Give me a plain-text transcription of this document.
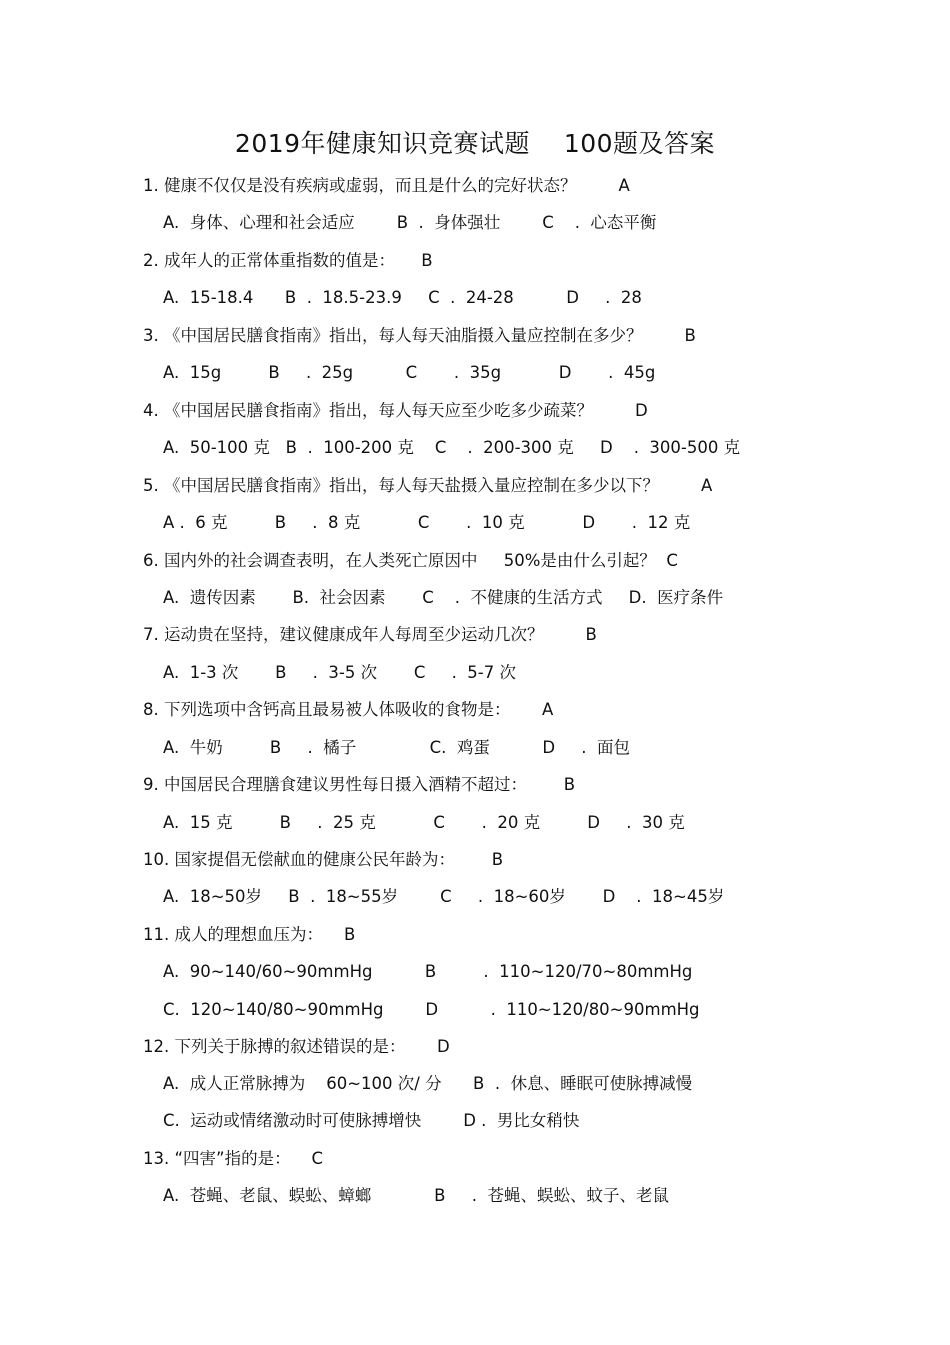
2019年健康知识竞赛试题    100题及答案
1. 健康不仅仅是没有疾病或虚弱，而且是什么的完好状态？        A
A.  身体、心理和社会适应        B  .  身体强壮        C    .  心态平衡
2. 成年人的正常体重指数的值是：     B
A.  15-18.4      B  .  18.5-23.9     C  .  24-28          D     .  28
3. 《中国居民膳食指南》指出，每人每天油脂摄入量应控制在多少？        B
A.  15g         B     .  25g          C       .  35g           D       .  45g
4. 《中国居民膳食指南》指出，每人每天应至少吃多少疏菜？        D
A.  50-100 克   B  .  100-200 克    C    .  200-300 克     D    .  300-500 克
5. 《中国居民膳食指南》指出，每人每天盐摄入量应控制在多少以下？        A
A .  6 克         B     .  8 克           C       .  10 克           D       .  12 克
6. 国内外的社会调查表明，在人类死亡原因中     50%是由什么引起？  C
A.  遗传因素       B.  社会因素       C    .  不健康的生活方式     D.  医疗条件
7. 运动贵在坚持，建议健康成年人每周至少运动几次？        B
A.  1-3 次       B     .  3-5 次       C     .  5-7 次
8. 下列选项中含钙高且最易被人体吸收的食物是：      A
A.  牛奶         B     .  橘子              C.  鸡蛋          D     .  面包
9. 中国居民合理膳食建议男性每日摄入酒精不超过：       B
A.  15 克         B     .  25 克           C       .  20 克         D     .  30 克
10. 国家提倡无偿献血的健康公民年龄为：       B
A.  18~50岁     B  .  18~55岁        C     .  18~60岁       D    .  18~45岁
11. 成人的理想血压为：    B
A.  90~140/60~90mmHg          B         .  110~120/70~80mmHg
C.  120~140/80~90mmHg        D          .  110~120/80~90mmHg
12. 下列关于脉搏的叙述错误的是：      D
A.  成人正常脉搏为    60~100 次/ 分      B  .  休息、睡眠可使脉搏减慢
C.  运动或情绪激动时可使脉搏增快        D .  男比女稍快
13. “四害”指的是：    C
A.  苍蝇、老鼠、蜈蚣、蟑螂            B     .  苍蝇、蜈蚣、蚊子、老鼠
